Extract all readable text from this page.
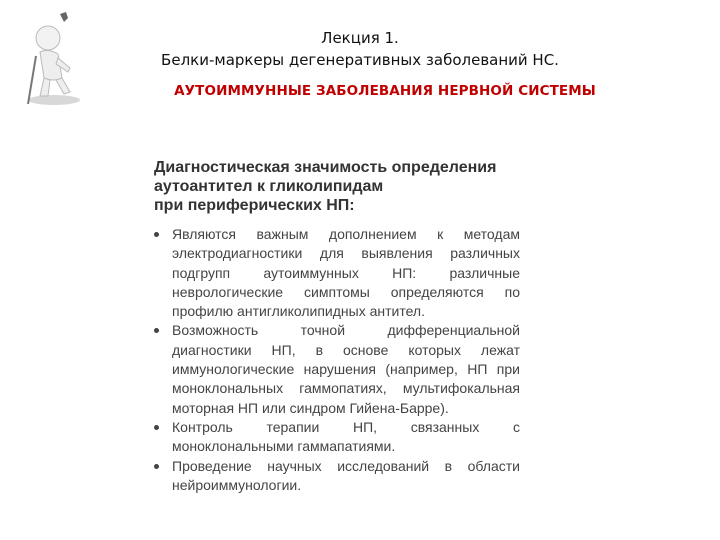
Лекция 1.
Белки-маркеры дегенеративных заболеваний НС.
АУТОИММУННЫЕ ЗАБОЛЕВАНИЯ НЕРВНОЙ СИСТЕМЫ
Диагностическая значимость определения
аутоантител к гликолипидам
при периферических НП:
Являются важным дополнением к методам электродиагностики для выявления различных подгрупп аутоиммунных НП: различные неврологические симптомы определяются по профилю антигликолипидных антител.
Возможность точной дифференциальной диагностики НП, в основе которых лежат иммунологические нарушения (например, НП при моноклональных гаммопатиях, мультифокальная моторная НП или синдром Гийена-Барре).
Контроль терапии НП, связанных с моноклональными гаммапатиями.
Проведение научных исследований в области нейроиммунологии.
